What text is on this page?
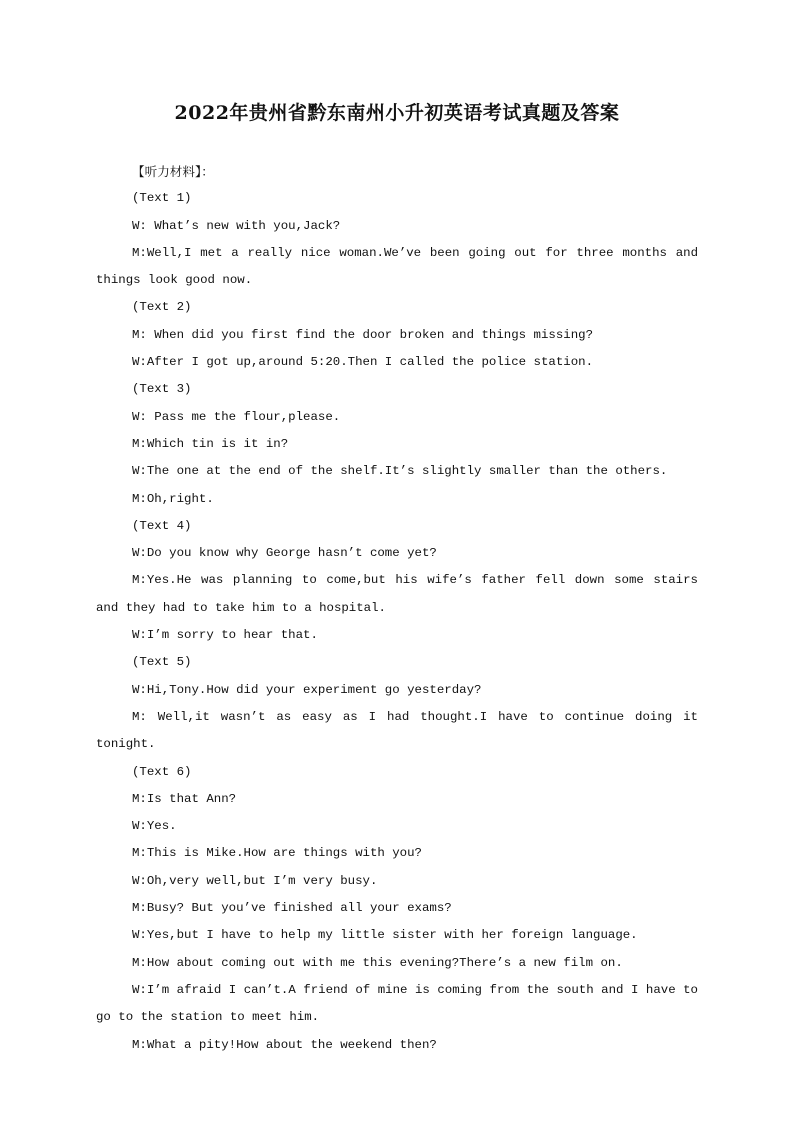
2022年贵州省黔东南州小升初英语考试真题及答案

【听力材料】：

(Text 1)

W: What’s new with you,Jack?

M:Well,I met a really nice woman.We’ve been going out for three months and things look good now.

(Text 2)

M: When did you first find the door broken and things missing?

W:After I got up,around 5:20.Then I called the police station.

(Text 3)

W: Pass me the flour,please.

M:Which tin is it in?

W:The one at the end of the shelf.It’s slightly smaller than the others.

M:Oh,right.

(Text 4)

W:Do you know why George hasn’t come yet?

M:Yes.He was planning to come,but his wife’s father fell down some stairs and they had to take him to a hospital.

W:I’m sorry to hear that.

(Text 5)

W:Hi,Tony.How did your experiment go yesterday?

M: Well,it wasn’t as easy as I had thought.I have to continue doing it tonight.

(Text 6)

M:Is that Ann?

W:Yes.

M:This is Mike.How are things with you?

W:Oh,very well,but I’m very busy.

M:Busy? But you’ve finished all your exams?

W:Yes,but I have to help my little sister with her foreign language.

M:How about coming out with me this evening?There’s a new film on.

W:I’m afraid I can’t.A friend of mine is coming from the south and I have to go to the station to meet him.

M:What a pity!How about the weekend then?
